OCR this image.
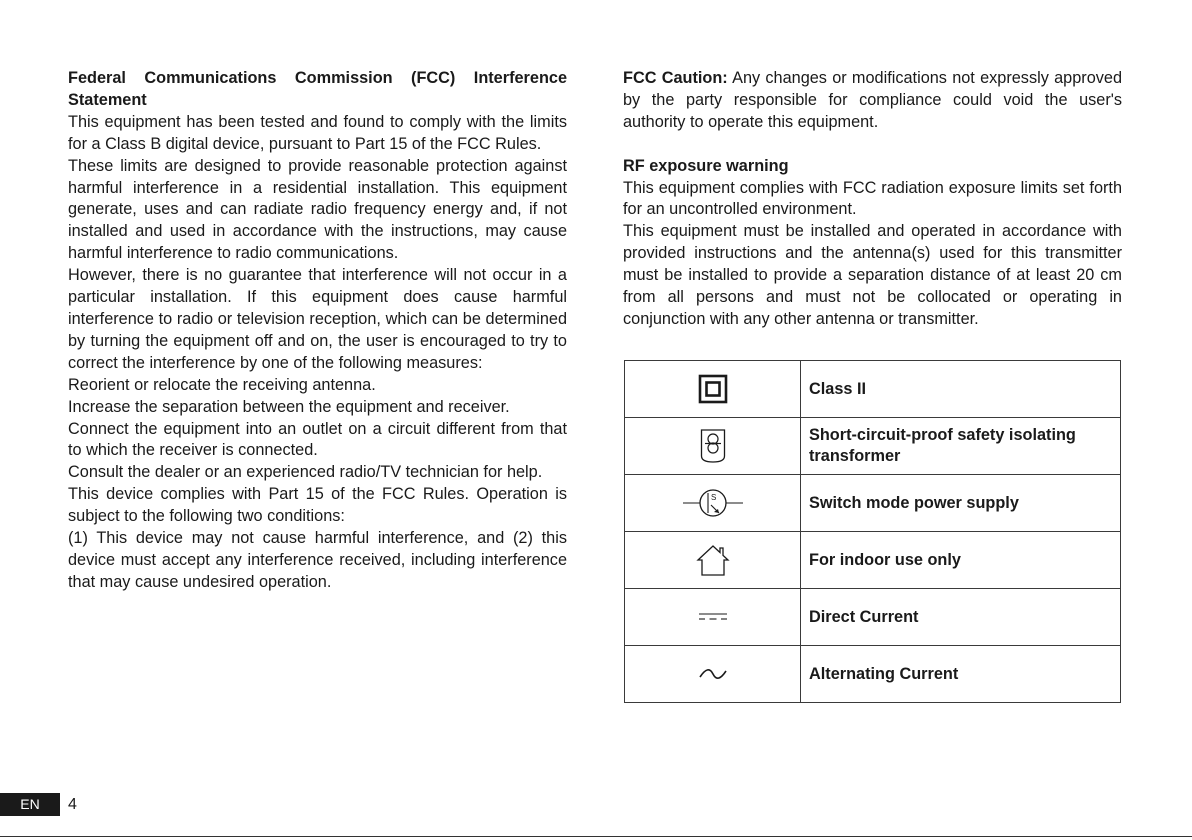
Federal Communications Commission (FCC) Interference Statement

This equipment has been tested and found to comply with the limits for a Class B digital device, pursuant to Part 15 of the FCC Rules.

These limits are designed to provide reasonable protection against harmful interference in a residential installation. This equipment generate, uses and can radiate radio frequency energy and, if not installed and used in accordance with the instructions, may cause harmful interference to radio communications.

However, there is no guarantee that interference will not occur in a particular installation. If this equipment does cause harmful interference to radio or television reception, which can be determined by turning the equipment off and on, the user is encouraged to try to correct the interference by one of the following measures:

Reorient or relocate the receiving antenna.

Increase the separation between the equipment and receiver.

Connect the equipment into an outlet on a circuit different from that to which the receiver is connected.

Consult the dealer or an experienced radio/TV technician for help.

This device complies with Part 15 of the FCC Rules. Operation is subject to the following two conditions:

(1) This device may not cause harmful interference, and (2) this device must accept any interference received, including interference that may cause undesired operation.

FCC Caution: Any changes or modifications not expressly approved by the party responsible for compliance could void the user's authority to operate this equipment.

RF exposure warning

This equipment complies with FCC radiation exposure limits set forth for an uncontrolled environment.

This equipment must be installed and operated in accordance with provided instructions and the antenna(s) used for this transmitter must be installed to provide a separation distance of at least 20 cm from all persons and must not be collocated or operating in conjunction with any other antenna or transmitter.

	Class II
	Short-circuit-proof safety isolating transformer

S	Switch mode power supply
	For indoor use only
	Direct Current
	Alternating Current
EN	4
